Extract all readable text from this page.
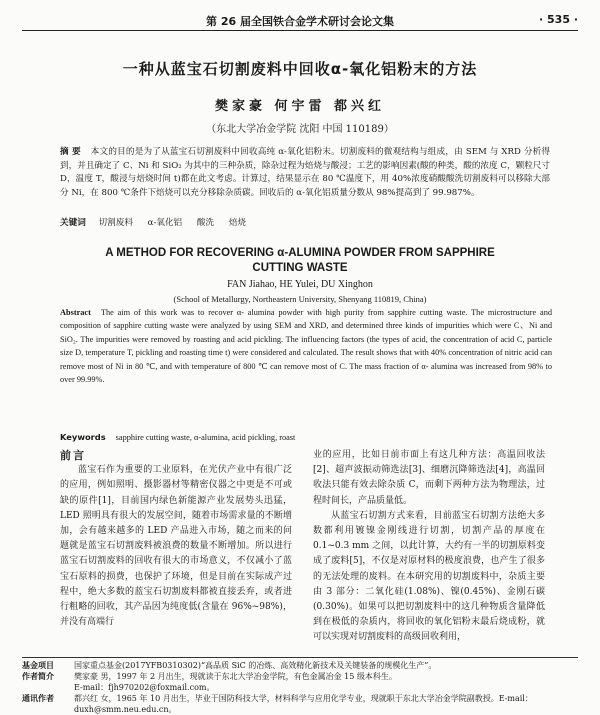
第 26 届全国铁合金学术研讨会论文集	· 535 ·
一种从蓝宝石切割废料中回收α-氧化铝粉末的方法
樊家豪 何宇雷 都兴红
（东北大学冶金学院 沈阳 中国 110189）
摘 要 本文的目的是为了从蓝宝石切割废料中回收高纯 α-氧化铝粉末。切割废料的微观结构与组成，由 SEM 与 XRD 分析得到，并且确定了 C、Ni 和 SiO₂ 为其中的三种杂质，除杂过程为焙烧与酸浸；工艺的影响因素(酸的种类，酸的浓度 C，颗粒尺寸 D，温度 T，酸浸与焙烧时间 t)都在此文考虑。计算过，结果显示在 80 ℃温度下，用 40%浓度硝酸酸洗切割废料可以移除大部分 Ni，在 800 ℃条件下焙烧可以充分移除杂质碳。回收后的 α-氧化铝质量分数从 98%提高到了 99.987%。
关键词 切割废料 α-氧化铝 酸洗 焙烧
A METHOD FOR RECOVERING α-ALUMINA POWDER FROM SAPPHIRE
CUTTING WASTE
FAN Jiahao, HE Yulei, DU Xinghon
(School of Metallurgy, Northeastern University, Shenyang 110819, China)
Abstract The aim of this work was to recover α- alumina powder with high purity from sapphire cutting waste. The microstructure and composition of sapphire cutting waste were analyzed by using SEM and XRD, and determined three kinds of impurities which were C、Ni and SiO₂. The impurities were removed by roasting and acid pickling. The influencing factors (the types of acid, the concentration of acid C, particle size D, temperature T, pickling and roasting time t) were considered and calculated. The result shows that with 40% concentration of nitric acid can remove most of Ni in 80 ℃, and with temperature of 800 ℃ can remove most of C. The mass fraction of α- alumina was increased from 98% to over 99.99%.
Keywords sapphire cutting waste, α-alumina, acid pickling, roast

前言

蓝宝石作为重要的工业原料，在光伏产业中有很广泛的应用，例如照明、摄影器材等精密仪器之中更是不可或缺的原件[1]，目前国内绿色新能源产业发展势头迅猛，LED 照明具有很大的发展空间，随着市场需求量的不断增加，会有越来越多的 LED 产品进入市场，随之而来的问题就是蓝宝石切割废料被浪费的数量不断增加。所以进行蓝宝石切割废料的回收有很大的市场意义，不仅减小了蓝宝石原料的损费，也保护了环境，但是目前在实际成产过程中，绝大多数的蓝宝石切割废料都被直接丢弃，或者进行粗略的回收，其产品因为纯度低(含量在 96%~98%)，并没有高端行

业的应用，比如日前市面上有这几种方法：高温回收法[2]、超声波振动筛选法[3]、细磨沉降筛选法[4]，高温回收法只能有效去除杂质 C，而剩下两种方法为物理法，过程时间长，产品质量低。

从蓝宝石切割方式来看，目前蓝宝石切割方法绝大多数都利用镀镍金刚线进行切割，切割产品的厚度在 0.1~0.3 mm 之间，以此计算，大约有一半的切割原料变成了废料[5]，不仅是对原材料的极度浪费，也产生了很多的无法处理的废料。在本研究用的切割废料中，杂质主要由 3 部分：二氧化硅(1.08%)、镍(0.45%)、金刚石碳(0.30%)。如果可以把切割废料中的这几种物质含量降低到在极低的杂质内，将回收的氧化铝粉末最后烧成粉，就可以实现对切割废料的高级回收利用，

基金项目	国家重点基金(2017YFB0310302)“高品质 SiC 的冶炼、高效精化新技术及关键装备的规模化生产”。
作者简介	樊家豪 男，1997 年 2 月出生，现就读于东北大学冶金学院，有色金属冶金 15 级本科生。
E-mail：fjh970202@foxmail.com。
通讯作者	都兴红 女，1965 年 10 月出生，毕业于国防科技大学，材料科学与应用化学专业，现就职于东北大学冶金学院副教授。E-mail：duxh@smm.neu.edu.cn。
